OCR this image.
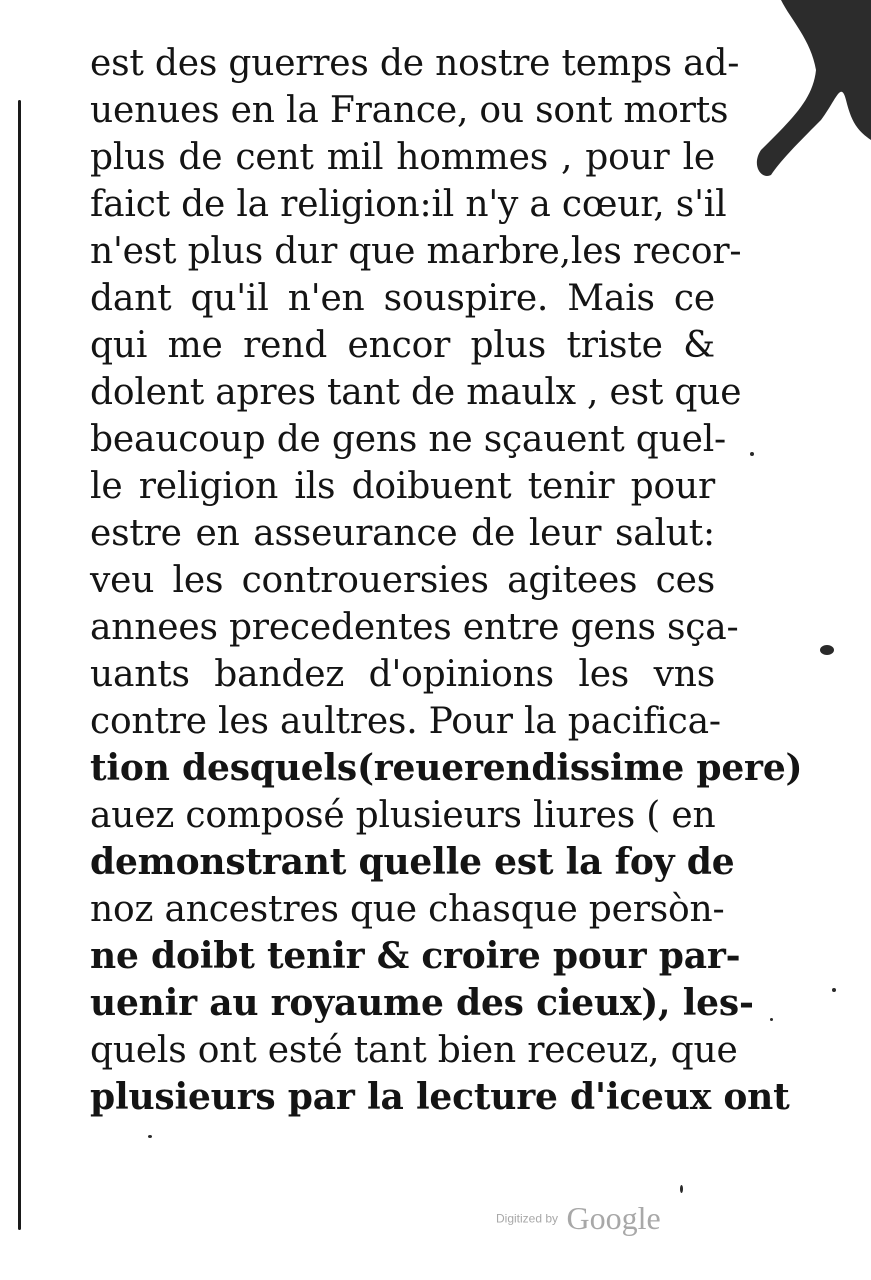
est des guerres de nostre temps ad-
uenues en la France, ou sont morts
plus de cent mil hommes , pour le
faict de la religion:il n'y a cœur, s'il
n'est plus dur que marbre,les recor-
dant qu'il n'en souspire. Mais ce
qui me rend encor plus triste &
dolent apres tant de maulx , est que
beaucoup de gens ne sçauent quel-
le religion ils doibuent tenir pour
estre en asseurance de leur salut:
veu les controuersies agitees ces
annees precedentes entre gens sça-
uants bandez d'opinions les vns
contre les aultres. Pour la pacifica-
tion desquels(reuerendissime pere)
auez composé plusieurs liures ( en
demonstrant quelle est la foy de
noz ancestres que chasque persòn-
ne doibt tenir & croire pour par-
uenir au royaume des cieux), les-
quels ont esté tant bien receuz, que
plusieurs par la lecture d'iceux ont
Digitized by Google
